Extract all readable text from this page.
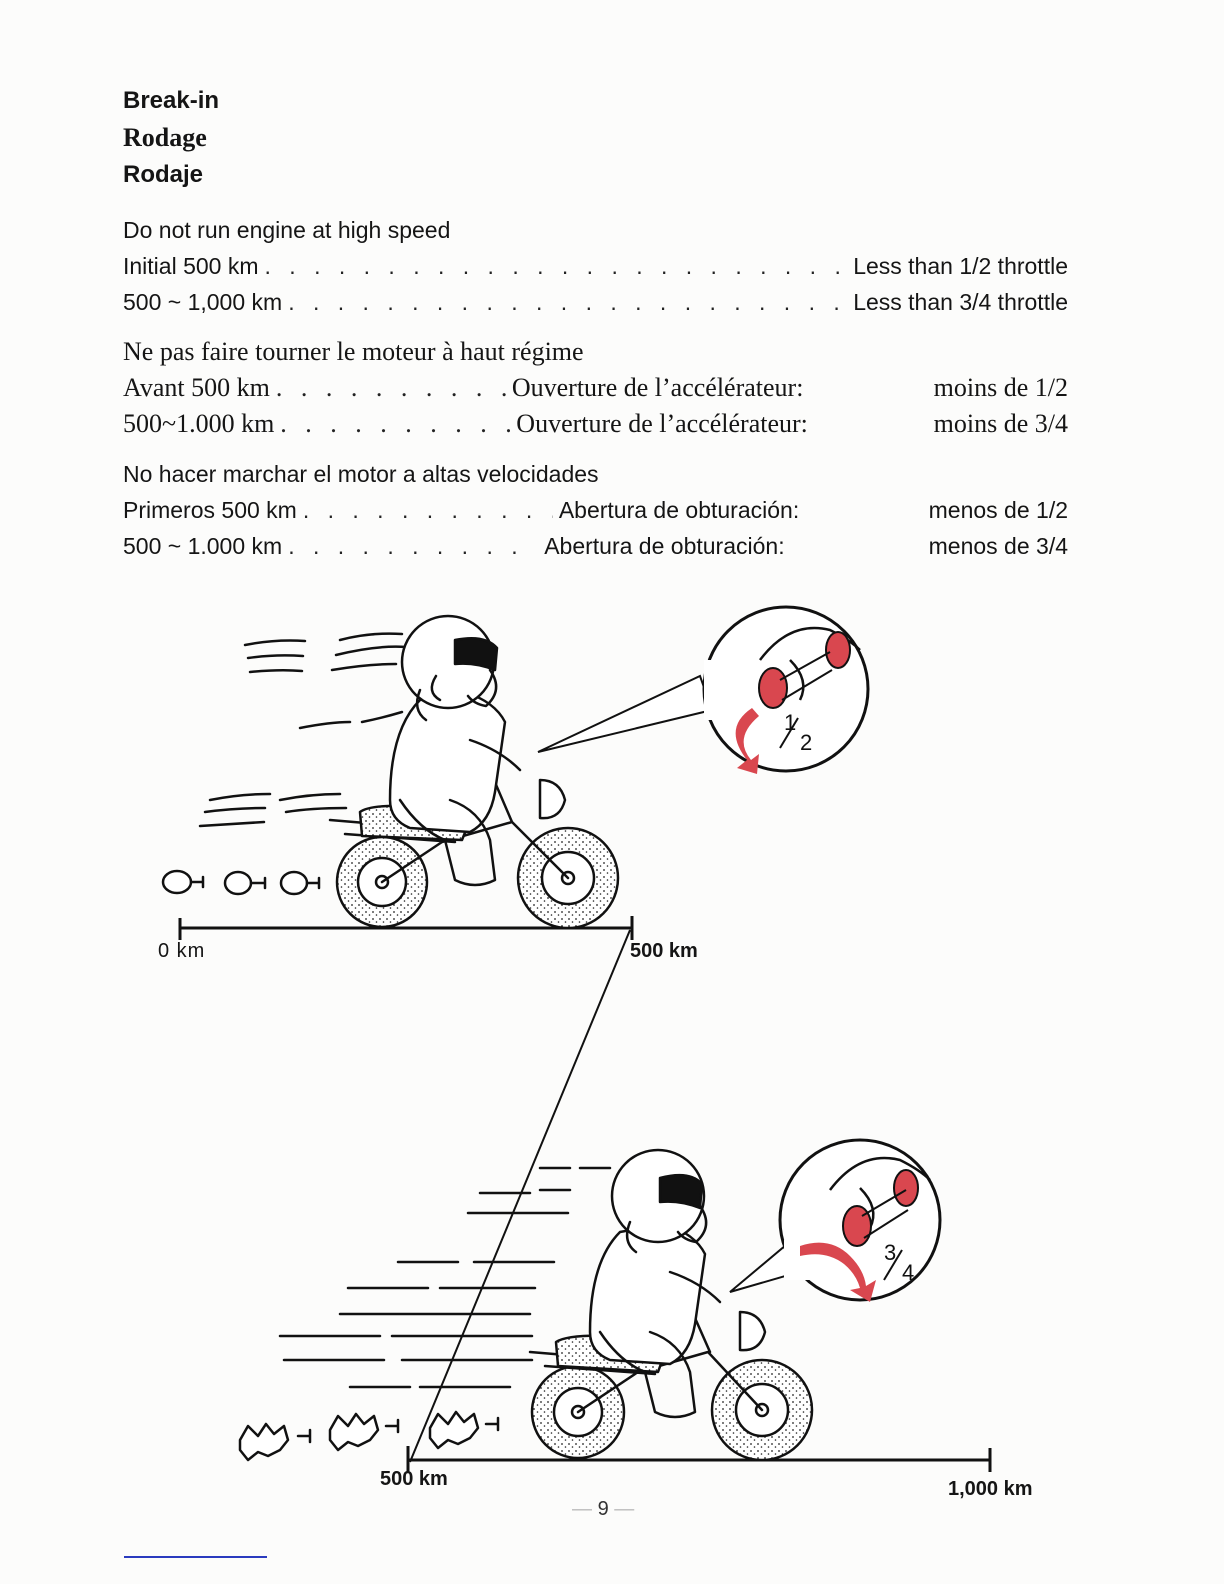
Break-in

Rodage

Rodaje

Do not run engine at high speed
Initial 500 km . . .	Less than 1/2 throttle
500 ~ 1,000 km . . .	Less than 3/4 throttle
Ne pas faire tourner le moteur à haut régime
Avant 500 km . . .	Ouverture de l’accélérateur:	moins de 1/2
500~1.000 km . . .	Ouverture de l’accélérateur:	moins de 3/4
No hacer marchar el motor a altas velocidades
Primeros 500 km . . .	Abertura de obturación:	menos de 1/2
500 ~ 1.000 km . . .	Abertura de obturación:	menos de 3/4
1
2
3
4
0 km	500 km
500 km	1,000 km
— 9 —
